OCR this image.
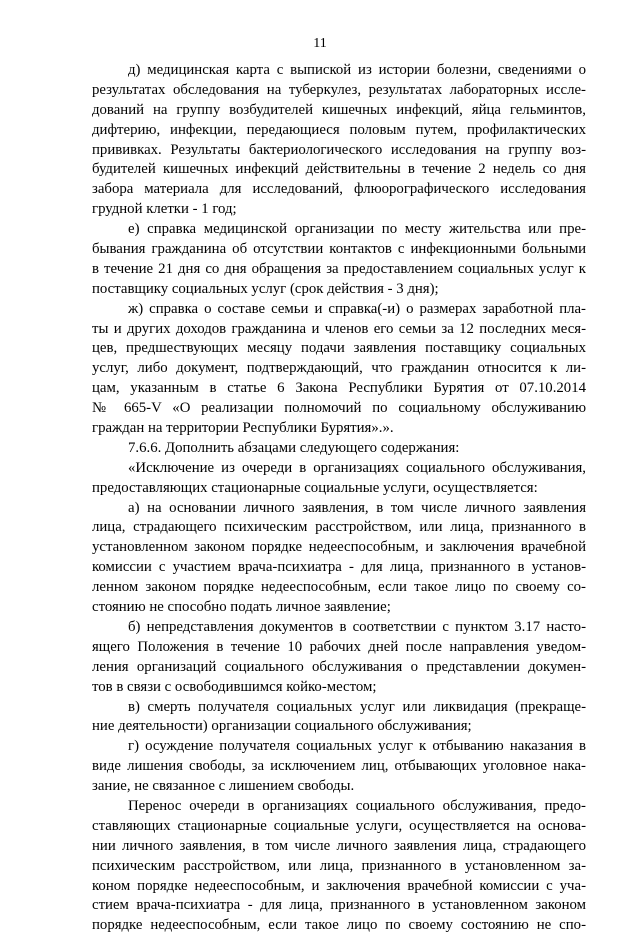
11
д) медицинская карта с выпиской из истории болезни, сведениями о
результатах обследования на туберкулез, результатах лабораторных иссле-
дований на группу возбудителей кишечных инфекций, яйца гельминтов,
дифтерию, инфекции, передающиеся половым путем, профилактических
прививках. Результаты бактериологического исследования на группу воз-
будителей кишечных инфекций действительны в течение 2 недель со дня
забора материала для исследований, флюорографического исследования
грудной клетки - 1 год;
е) справка медицинской организации по месту жительства или пре-
бывания гражданина об отсутствии контактов с инфекционными больными
в течение 21 дня со дня обращения за предоставлением социальных услуг к
поставщику социальных услуг (срок действия - 3 дня);
ж) справка о составе семьи и справка(-и) о размерах заработной пла-
ты и других доходов гражданина и членов его семьи за 12 последних меся-
цев, предшествующих месяцу подачи заявления поставщику социальных
услуг, либо документ, подтверждающий, что гражданин относится к ли-
цам, указанным в статье 6 Закона Республики Бурятия от 07.10.2014
№ 665-V «О реализации полномочий по социальному обслуживанию
граждан на территории Республики Бурятия».».
7.6.6. Дополнить абзацами следующего содержания:
«Исключение из очереди в организациях социального обслуживания,
предоставляющих стационарные социальные услуги, осуществляется:
а) на основании личного заявления, в том числе личного заявления
лица, страдающего психическим расстройством, или лица, признанного в
установленном законом порядке недееспособным, и заключения врачебной
комиссии с участием врача-психиатра - для лица, признанного в установ-
ленном законом порядке недееспособным, если такое лицо по своему со-
стоянию не способно подать личное заявление;
б) непредставления документов в соответствии с пунктом 3.17 насто-
ящего Положения в течение 10 рабочих дней после направления уведом-
ления организаций социального обслуживания о представлении докумен-
тов в связи с освободившимся койко-местом;
в) смерть получателя социальных услуг или ликвидация (прекраще-
ние деятельности) организации социального обслуживания;
г) осуждение получателя социальных услуг к отбыванию наказания в
виде лишения свободы, за исключением лиц, отбывающих уголовное нака-
зание, не связанное с лишением свободы.
Перенос очереди в организациях социального обслуживания, предо-
ставляющих стационарные социальные услуги, осуществляется на основа-
нии личного заявления, в том числе личного заявления лица, страдающего
психическим расстройством, или лица, признанного в установленном за-
коном порядке недееспособным, и заключения врачебной комиссии с уча-
стием врача-психиатра - для лица, признанного в установленном законом
порядке недееспособным, если такое лицо по своему состоянию не спо-
